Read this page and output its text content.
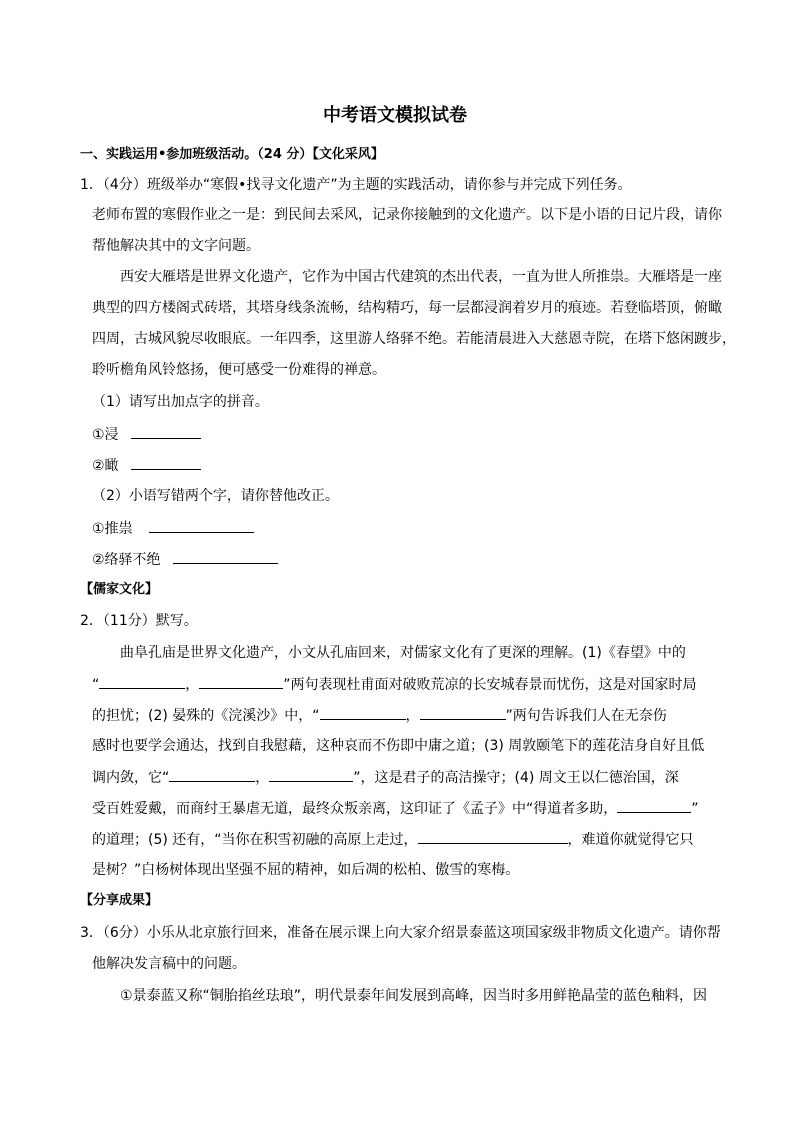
中考语文模拟试卷
一、实践运用•参加班级活动。（24 分）【文化采风】
1．（4分）班级举办“寒假•找寻文化遗产”为主题的实践活动，请你参与并完成下列任务。
老师布置的寒假作业之一是：到民间去采风，记录你接触到的文化遗产。以下是小语的日记片段，请你
帮他解决其中的文字问题。
西安大雁塔是世界文化遗产，它作为中国古代建筑的杰出代表，一直为世人所推祟。大雁塔是一座
典型的四方楼阁式砖塔，其塔身线条流畅，结构精巧，每一层都浸润着岁月的痕迹。若登临塔顶，俯瞰
四周，古城风貌尽收眼底。一年四季，这里游人络驿不绝。若能清晨进入大慈恩寺院，在塔下悠闲踱步，
聆听檐角风铃悠扬，便可感受一份难得的禅意。
（1）请写出加点字的拼音。
①浸
②瞰
（2）小语写错两个字，请你替他改正。
①推祟
②络驿不绝
【儒家文化】
2．（11分）默写。
曲阜孔庙是世界文化遗产，小文从孔庙回来，对儒家文化有了更深的理解。(1)《春望》中的
“	，	”两句表现杜甫面对破败荒凉的长安城春景而忧伤，这是对国家时局
的担忧；(2) 晏殊的《浣溪沙》中，“	，	”两句告诉我们人在无奈伤
感时也要学会通达，找到自我慰藉，这种哀而不伤即中庸之道；(3) 周敦颐笔下的莲花洁身自好且低
调内敛，它“	，	”，这是君子的高洁操守；(4) 周文王以仁德治国，深
受百姓爱戴，而商纣王暴虐无道，最终众叛亲离，这印证了《孟子》中“得道者多助，	”
的道理；(5) 还有，“当你在积雪初融的高原上走过，	，难道你就觉得它只
是树？”白杨树体现出坚强不屈的精神，如后凋的松柏、傲雪的寒梅。
【分享成果】
3．（6分）小乐从北京旅行回来，准备在展示课上向大家介绍景泰蓝这项国家级非物质文化遗产。请你帮
他解决发言稿中的问题。
①景泰蓝又称“铜胎掐丝珐琅”，明代景泰年间发展到高峰，因当时多用鲜艳晶莹的蓝色釉料，因
